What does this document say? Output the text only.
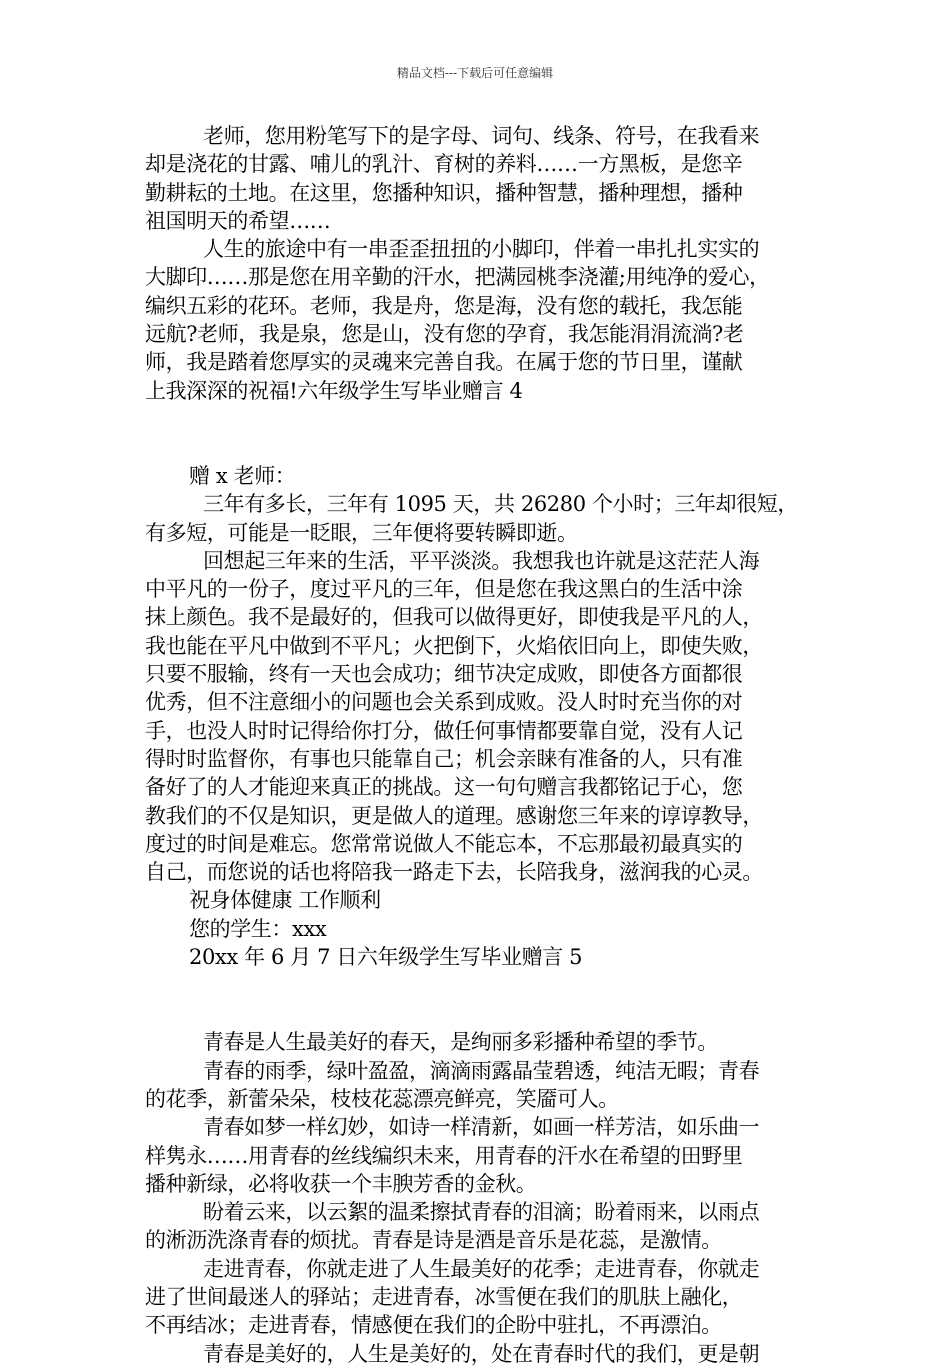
精品文档---下载后可任意编辑

老师，您用粉笔写下的是字母、词句、线条、符号，在我看来

却是浇花的甘露、哺儿的乳汁、育树的养料……一方黑板，是您辛

勤耕耘的土地。在这里，您播种知识，播种智慧，播种理想，播种

祖国明天的希望……

人生的旅途中有一串歪歪扭扭的小脚印，伴着一串扎扎实实的

大脚印……那是您在用辛勤的汗水，把满园桃李浇灌;用纯净的爱心，

编织五彩的花环。老师，我是舟，您是海，没有您的载托，我怎能

远航?老师，我是泉，您是山，没有您的孕育，我怎能涓涓流淌?老

师，我是踏着您厚实的灵魂来完善自我。在属于您的节日里，谨献

上我深深的祝福!六年级学生写毕业赠言 4

赠 x 老师：

三年有多长，三年有 1095 天，共 26280 个小时；三年却很短，

有多短，可能是一眨眼，三年便将要转瞬即逝。

回想起三年来的生活，平平淡淡。我想我也许就是这茫茫人海

中平凡的一份子，度过平凡的三年，但是您在我这黑白的生活中涂

抹上颜色。我不是最好的，但我可以做得更好，即使我是平凡的人，

我也能在平凡中做到不平凡；火把倒下，火焰依旧向上，即使失败，

只要不服输，终有一天也会成功；细节决定成败，即使各方面都很

优秀，但不注意细小的问题也会关系到成败。没人时时充当你的对

手，也没人时时记得给你打分，做任何事情都要靠自觉，没有人记

得时时监督你，有事也只能靠自己；机会亲睐有准备的人，只有准

备好了的人才能迎来真正的挑战。这一句句赠言我都铭记于心，您

教我们的不仅是知识，更是做人的道理。感谢您三年来的谆谆教导，

度过的时间是难忘。您常常说做人不能忘本，不忘那最初最真实的

自己，而您说的话也将陪我一路走下去，长陪我身，滋润我的心灵。

祝身体健康 工作顺利

您的学生：xxx

20xx 年 6 月 7 日六年级学生写毕业赠言 5

青春是人生最美好的春天，是绚丽多彩播种希望的季节。

青春的雨季，绿叶盈盈，滴滴雨露晶莹碧透，纯洁无暇；青春

的花季，新蕾朵朵，枝枝花蕊漂亮鲜亮，笑靥可人。

青春如梦一样幻妙，如诗一样清新，如画一样芳洁，如乐曲一

样隽永……用青春的丝线编织未来，用青春的汗水在希望的田野里

播种新绿，必将收获一个丰腴芳香的金秋。

盼着云来，以云絮的温柔擦拭青春的泪滴；盼着雨来，以雨点

的淅沥洗涤青春的烦扰。青春是诗是酒是音乐是花蕊，是激情。

走进青春，你就走进了人生最美好的花季；走进青春，你就走

进了世间最迷人的驿站；走进青春，冰雪便在我们的肌肤上融化，

不再结冰；走进青春，情感便在我们的企盼中驻扎，不再漂泊。

青春是美好的，人生是美好的，处在青春时代的我们，更是朝
